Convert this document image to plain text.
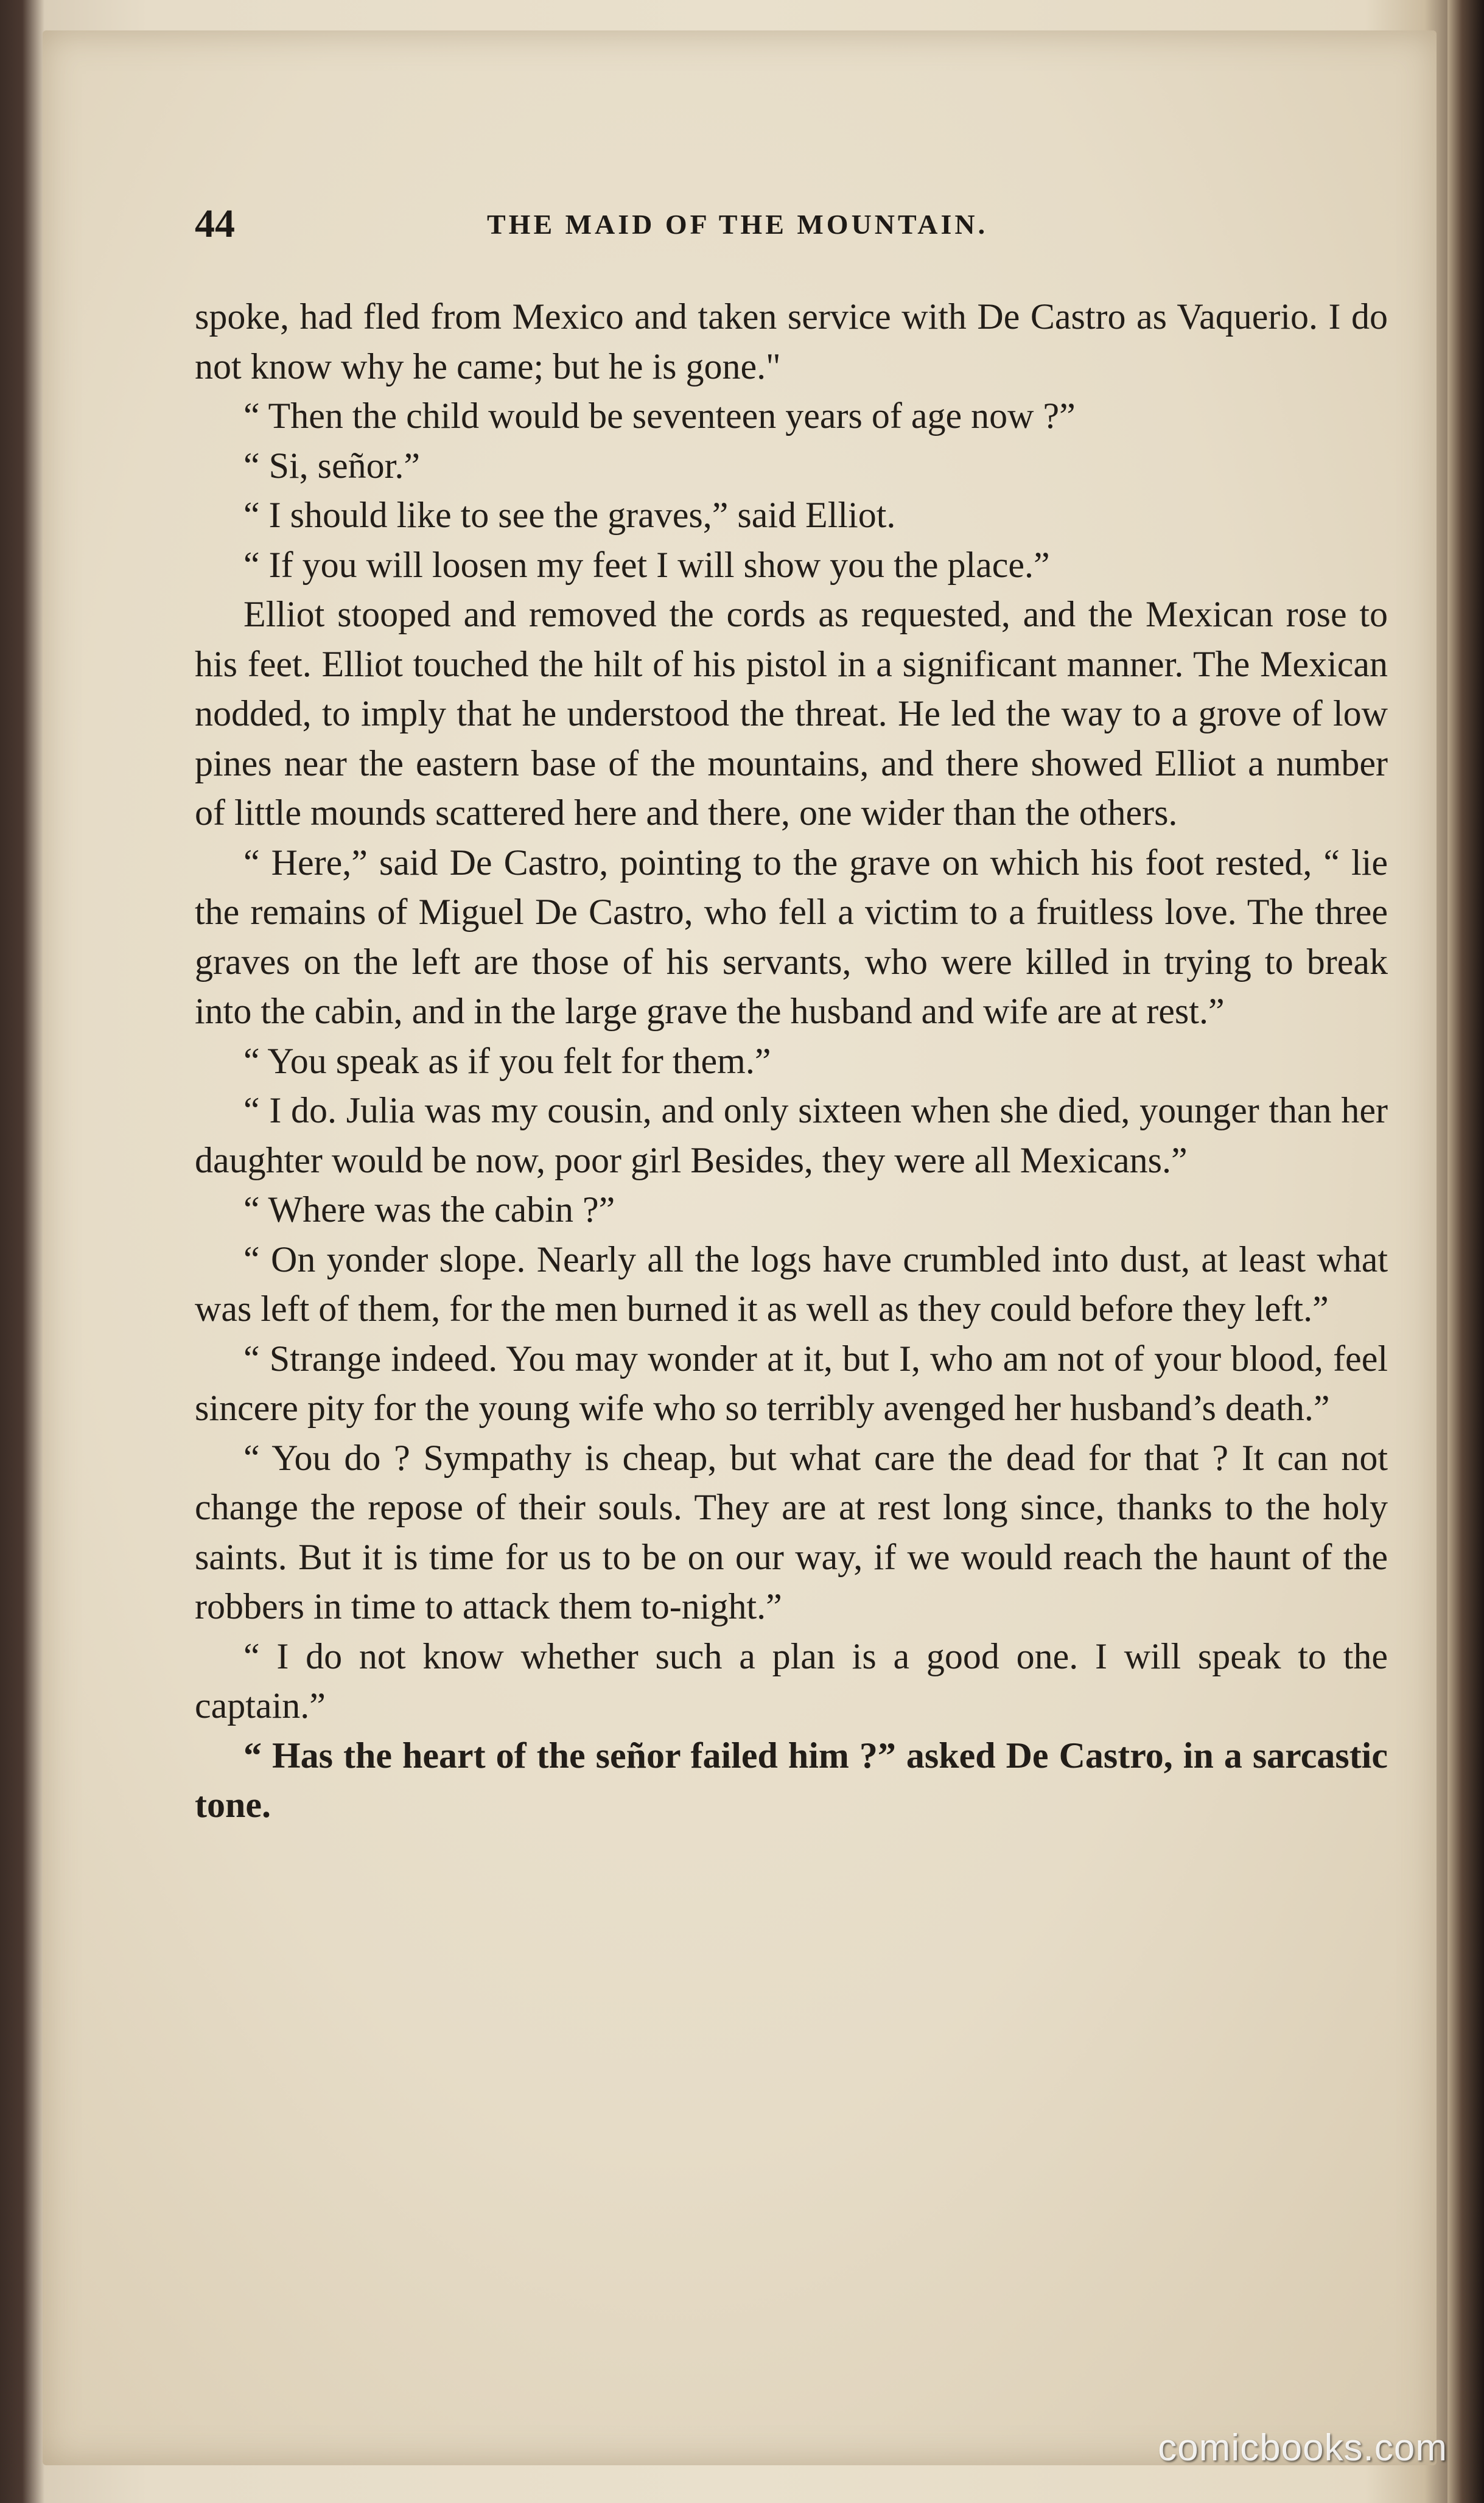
44	THE MAID OF THE MOUNTAIN.

spoke, had fled from Mexico and taken service with De Castro as Vaquerio. I do not know why he came; but he is gone."

“ Then the child would be seventeen years of age now ?”

“ Si, señor.”

“ I should like to see the graves,” said Elliot.

“ If you will loosen my feet I will show you the place.”

Elliot stooped and removed the cords as requested, and the Mexican rose to his feet. Elliot touched the hilt of his pistol in a significant manner. The Mexican nodded, to imply that he understood the threat. He led the way to a grove of low pines near the eastern base of the mountains, and there showed Elliot a number of little mounds scattered here and there, one wider than the others.

“ Here,” said De Castro, pointing to the grave on which his foot rested, “ lie the remains of Miguel De Castro, who fell a victim to a fruitless love. The three graves on the left are those of his servants, who were killed in trying to break into the cabin, and in the large grave the husband and wife are at rest.”

“ You speak as if you felt for them.”

“ I do. Julia was my cousin, and only sixteen when she died, younger than her daughter would be now, poor girl Besides, they were all Mexicans.”

“ Where was the cabin ?”

“ On yonder slope. Nearly all the logs have crumbled into dust, at least what was left of them, for the men burned it as well as they could before they left.”

“ Strange indeed. You may wonder at it, but I, who am not of your blood, feel sincere pity for the young wife who so terribly avenged her husband’s death.”

“ You do ? Sympathy is cheap, but what care the dead for that ? It can not change the repose of their souls. They are at rest long since, thanks to the holy saints. But it is time for us to be on our way, if we would reach the haunt of the robbers in time to attack them to-night.”

“ I do not know whether such a plan is a good one. I will speak to the captain.”

“ Has the heart of the señor failed him ?” asked De Castro, in a sarcastic tone.

comicbooks.com
